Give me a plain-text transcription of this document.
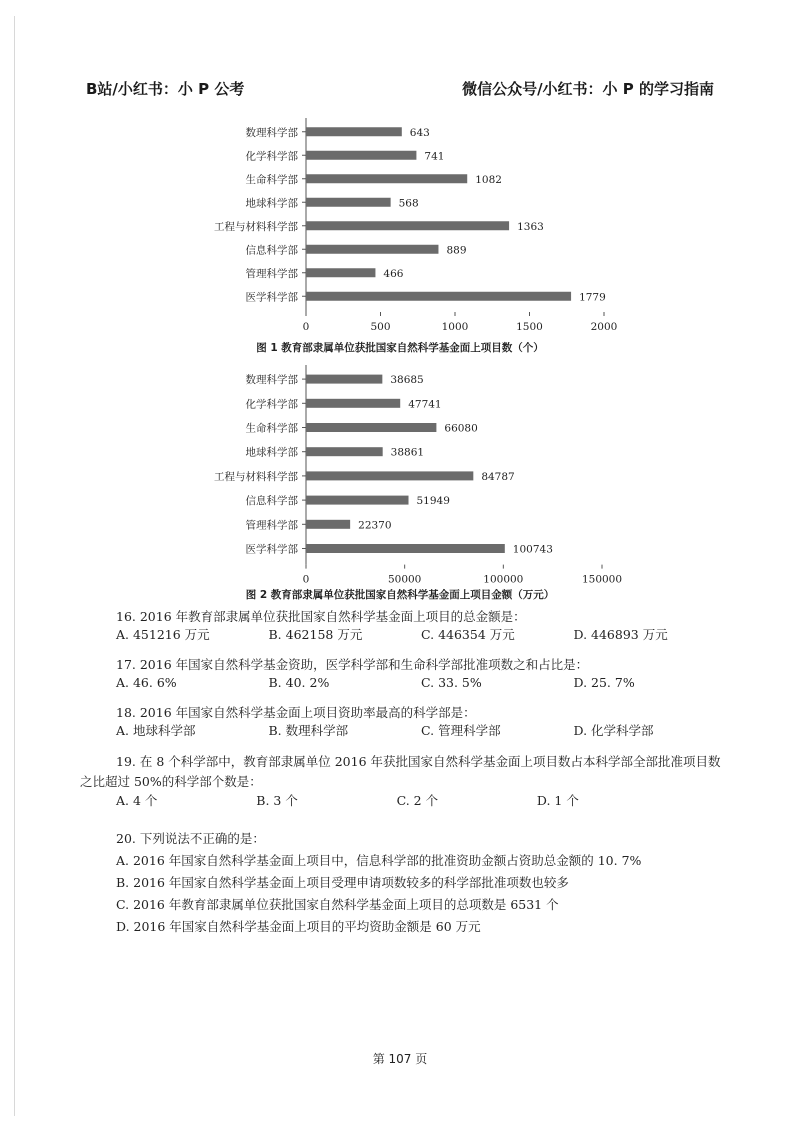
B站/小红书：小 P 公考	微信公众号/小红书：小 P 的学习指南
数理科学部	643
化学科学部	741
生命科学部	1082
地球科学部	568
工程与材料科学部	1363
信息科学部	889
管理科学部	466
医学科学部	1779
0	500	1000	1500	2000
图 1 教育部隶属单位获批国家自然科学基金面上项目数（个）
数理科学部	38685
化学科学部	47741
生命科学部	66080
地球科学部	38861
工程与材料科学部	84787
信息科学部	51949
管理科学部	22370
医学科学部	100743
0	50000	100000	150000
图 2 教育部隶属单位获批国家自然科学基金面上项目金额（万元）
16. 2016 年教育部隶属单位获批国家自然科学基金面上项目的总金额是：
A. 451216 万元	B. 462158 万元	C. 446354 万元	D. 446893 万元
17. 2016 年国家自然科学基金资助，医学科学部和生命科学部批准项数之和占比是：
A. 46. 6%	B. 40. 2%	C. 33. 5%	D. 25. 7%
18. 2016 年国家自然科学基金面上项目资助率最高的科学部是：
A. 地球科学部	B. 数理科学部	C. 管理科学部	D. 化学科学部
19. 在 8 个科学部中，教育部隶属单位 2016 年获批国家自然科学基金面上项目数占本科学部全部批准项目数之比超过 50%的科学部个数是：
A. 4 个	B. 3 个	C. 2 个	D. 1 个
20. 下列说法不正确的是：
A. 2016 年国家自然科学基金面上项目中，信息科学部的批准资助金额占资助总金额的 10. 7%
B. 2016 年国家自然科学基金面上项目受理申请项数较多的科学部批准项数也较多
C. 2016 年教育部隶属单位获批国家自然科学基金面上项目的总项数是 6531 个
D. 2016 年国家自然科学基金面上项目的平均资助金额是 60 万元
第 107 页
